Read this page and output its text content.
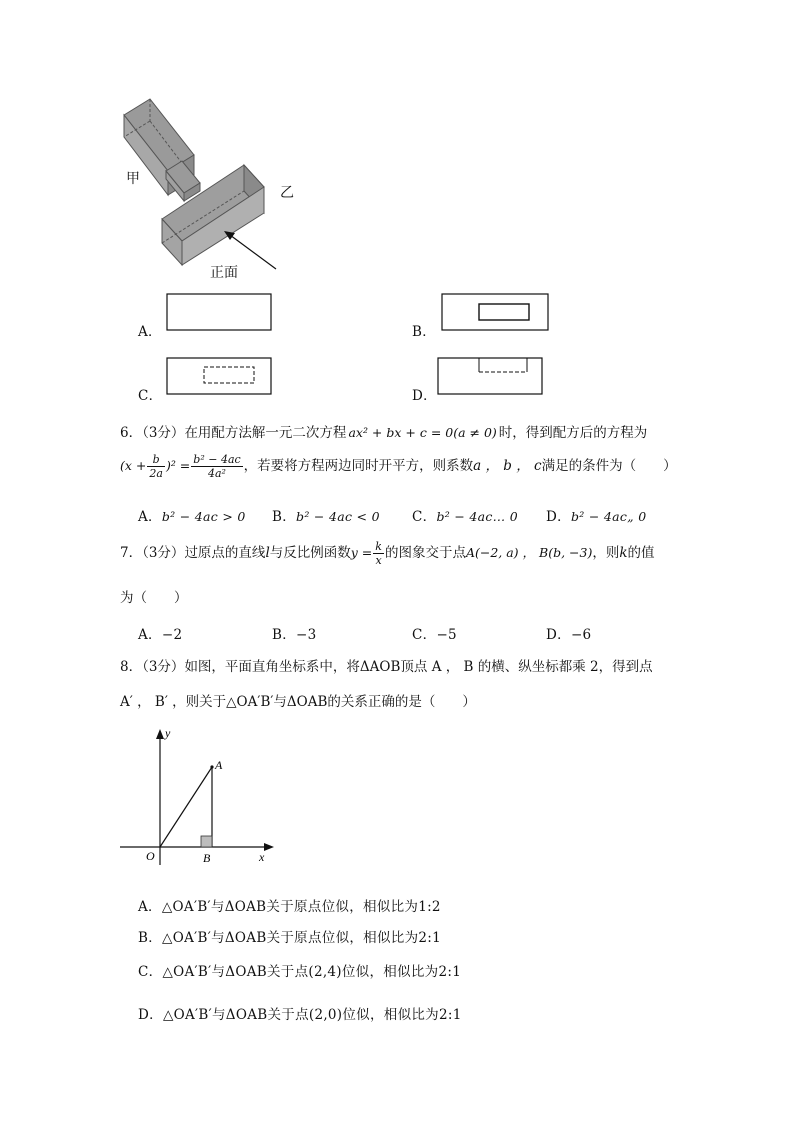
甲
乙
正面
A．	B．
C．	D．
6．（3分）在用配方法解一元二次方程 ax² + bx + c = 0(a ≠ 0) 时，得到配方后的方程为
$(x + \frac{b}{2a} )^2 = \frac{\text{b² − 4ac}}{\text{4a²}}$ ，若要将方程两边同时开平方，则系数a ， b ， c满足的条件为（　　）
A．b² − 4ac > 0 B．b² − 4ac < 0 C．b² − 4ac… 0 D．b² − 4ac„ 0
7．（3分）过原点的直线l与反比例函数$y = \frac{k}{x}$ 的图象交于点A(−2, a) ， B(b, −3)，则k的值
为（　　）
A．−2	B．−3	C．−5	D．−6
8．（3分）如图，平面直角坐标系中，将ΔAOB顶点 A ， B 的横、纵坐标都乘 2，得到点
A′ ， B′ ，则关于△OA′B′与ΔOAB的关系正确的是（　　）
y
x
O
A
B
A．△OA′B′与ΔOAB关于原点位似，相似比为1:2
B．△OA′B′与ΔOAB关于原点位似，相似比为2:1
C．△OA′B′与ΔOAB关于点(2,4)位似，相似比为2:1
D．△OA′B′与ΔOAB关于点(2,0)位似，相似比为2:1
